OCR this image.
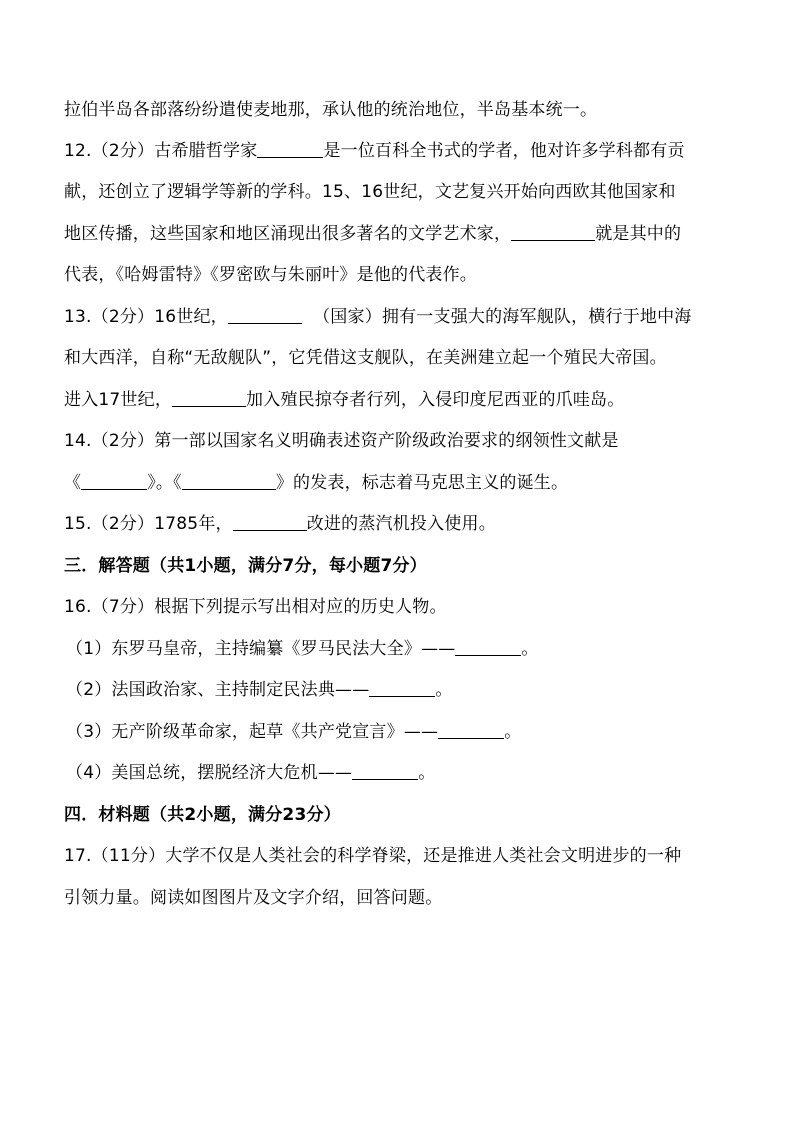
拉伯半岛各部落纷纷遣使麦地那，承认他的统治地位，半岛基本统一。
12.（2分）古希腊哲学家	是一位百科全书式的学者，他对许多学科都有贡
献，还创立了逻辑学等新的学科。15、16世纪，文艺复兴开始向西欧其他国家和
地区传播，这些国家和地区涌现出很多著名的文学艺术家，	就是其中的
代表，《哈姆雷特》《罗密欧与朱丽叶》是他的代表作。
13.（2分）16世纪，	（国家）拥有一支强大的海军舰队，横行于地中海
和大西洋，自称“无敌舰队”，它凭借这支舰队，在美洲建立起一个殖民大帝国。
进入17世纪，	加入殖民掠夺者行列，入侵印度尼西亚的爪哇岛。
14.（2分）第一部以国家名义明确表述资产阶级政治要求的纲领性文献是
《	》。《	》的发表，标志着马克思主义的诞生。
15.（2分）1785年，	改进的蒸汽机投入使用。
三．解答题（共1小题，满分7分，每小题7分）
16.（7分）根据下列提示写出相对应的历史人物。
（1）东罗马皇帝，主持编纂《罗马民法大全》——	。
（2）法国政治家、主持制定民法典——	。
（3）无产阶级革命家，起草《共产党宣言》——	。
（4）美国总统，摆脱经济大危机——	。
四．材料题（共2小题，满分23分）
17.（11分）大学不仅是人类社会的科学脊梁，还是推进人类社会文明进步的一种
引领力量。阅读如图图片及文字介绍，回答问题。
